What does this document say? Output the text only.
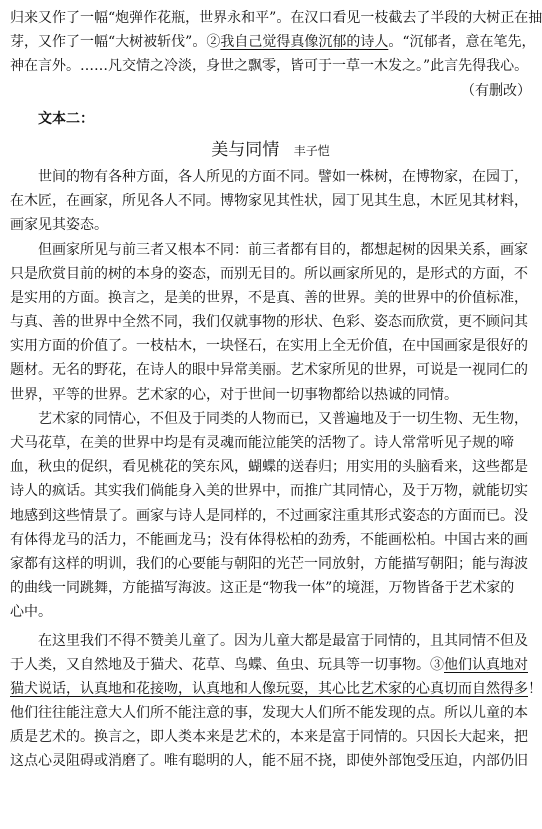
归来又作了一幅“炮弹作花瓶，世界永和平”。在汉口看见一枝截去了半段的大树正在抽
芽，又作了一幅“大树被斩伐”。②我自己觉得真像沉郁的诗人。“沉郁者，意在笔先，
神在言外。……凡交情之冷淡，身世之飘零，皆可于一草一木发之。”此言先得我心。
（有删改）
文本二：
美与同情 丰子恺
世间的物有各种方面，各人所见的方面不同。譬如一株树，在博物家，在园丁，
在木匠，在画家，所见各人不同。博物家见其性状，园丁见其生息，木匠见其材料，
画家见其姿态。
但画家所见与前三者又根本不同：前三者都有目的，都想起树的因果关系，画家
只是欣赏目前的树的本身的姿态，而别无目的。所以画家所见的，是形式的方面，不
是实用的方面。换言之，是美的世界，不是真、善的世界。美的世界中的价值标准，
与真、善的世界中全然不同，我们仅就事物的形状、色彩、姿态而欣赏，更不顾问其
实用方面的价值了。一枝枯木，一块怪石，在实用上全无价值，在中国画家是很好的
题材。无名的野花，在诗人的眼中异常美丽。艺术家所见的世界，可说是一视同仁的
世界，平等的世界。艺术家的心，对于世间一切事物都给以热诚的同情。
艺术家的同情心，不但及于同类的人物而已，又普遍地及于一切生物、无生物，
犬马花草，在美的世界中均是有灵魂而能泣能笑的活物了。诗人常常听见子规的啼
血，秋虫的促织，看见桃花的笑东风，蝴蝶的送春归；用实用的头脑看来，这些都是
诗人的疯话。其实我们倘能身入美的世界中，而推广其同情心，及于万物，就能切实
地感到这些情景了。画家与诗人是同样的，不过画家注重其形式姿态的方面而已。没
有体得龙马的活力，不能画龙马；没有体得松柏的劲秀，不能画松柏。中国古来的画
家都有这样的明训，我们的心要能与朝阳的光芒一同放射，方能描写朝阳；能与海波
的曲线一同跳舞，方能描写海波。这正是“物我一体”的境涯，万物皆备于艺术家的
心中。
在这里我们不得不赞美儿童了。因为儿童大都是最富于同情的，且其同情不但及
于人类，又自然地及于猫犬、花草、鸟蝶、鱼虫、玩具等一切事物。③他们认真地对
猫犬说话，认真地和花接吻，认真地和人像玩耍，其心比艺术家的心真切而自然得多！
他们往往能注意大人们所不能注意的事，发现大人们所不能发现的点。所以儿童的本
质是艺术的。换言之，即人类本来是艺术的，本来是富于同情的。只因长大起来，把
这点心灵阻碍或消磨了。唯有聪明的人，能不屈不挠，即使外部饱受压迫，内部仍旧
